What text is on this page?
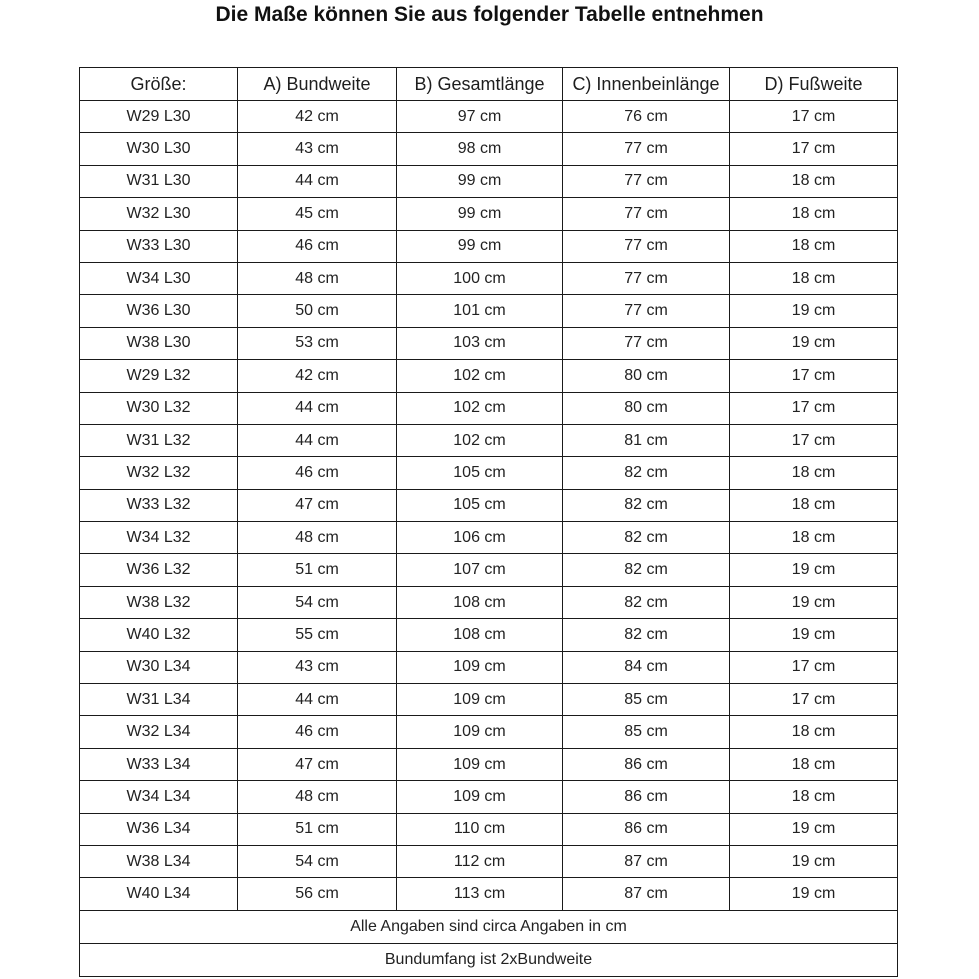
Die Maße können Sie aus folgender Tabelle entnehmen
Größe:	A) Bundweite	B) Gesamtlänge	C) Innenbeinlänge	D) Fußweite
W29 L30	42 cm	97 cm	76 cm	17 cm
W30 L30	43 cm	98 cm	77 cm	17 cm
W31 L30	44 cm	99 cm	77 cm	18 cm
W32 L30	45 cm	99 cm	77 cm	18 cm
W33 L30	46 cm	99 cm	77 cm	18 cm
W34 L30	48 cm	100 cm	77 cm	18 cm
W36 L30	50 cm	101 cm	77 cm	19 cm
W38 L30	53 cm	103 cm	77 cm	19 cm
W29 L32	42 cm	102 cm	80 cm	17 cm
W30 L32	44 cm	102 cm	80 cm	17 cm
W31 L32	44 cm	102 cm	81 cm	17 cm
W32 L32	46 cm	105 cm	82 cm	18 cm
W33 L32	47 cm	105 cm	82 cm	18 cm
W34 L32	48 cm	106 cm	82 cm	18 cm
W36 L32	51 cm	107 cm	82 cm	19 cm
W38 L32	54 cm	108 cm	82 cm	19 cm
W40 L32	55 cm	108 cm	82 cm	19 cm
W30 L34	43 cm	109 cm	84 cm	17 cm
W31 L34	44 cm	109 cm	85 cm	17 cm
W32 L34	46 cm	109 cm	85 cm	18 cm
W33 L34	47 cm	109 cm	86 cm	18 cm
W34 L34	48 cm	109 cm	86 cm	18 cm
W36 L34	51 cm	110 cm	86 cm	19 cm
W38 L34	54 cm	112 cm	87 cm	19 cm
W40 L34	56 cm	113 cm	87 cm	19 cm
Alle Angaben sind circa Angaben in cm				
Bundumfang ist 2xBundweite				
